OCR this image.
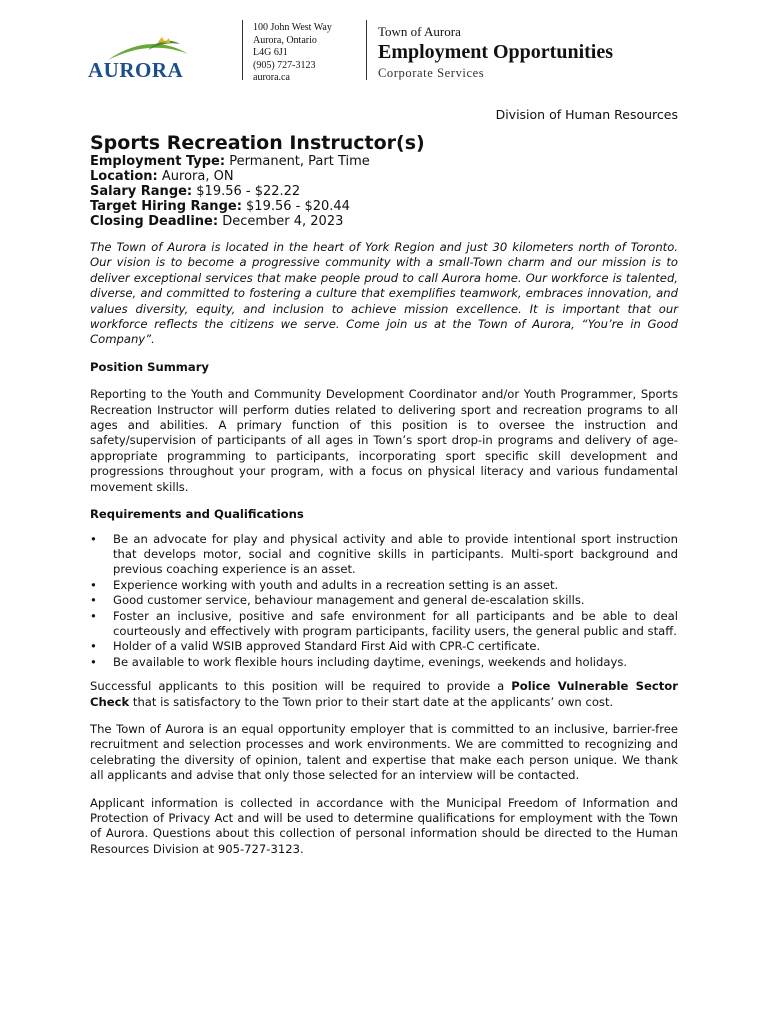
AURORA
100 John West Way
Aurora, Ontario
L4G 6J1
(905) 727-3123
aurora.ca
Town of Aurora
Employment Opportunities
Corporate Services
Division of Human Resources
Sports Recreation Instructor(s)
Employment Type: Permanent, Part Time
Location: Aurora, ON
Salary Range: $19.56 - $22.22
Target Hiring Range: $19.56 - $20.44
Closing Deadline: December 4, 2023

The Town of Aurora is located in the heart of York Region and just 30 kilometers north of Toronto. Our vision is to become a progressive community with a small-Town charm and our mission is to deliver exceptional services that make people proud to call Aurora home. Our workforce is talented, diverse, and committed to fostering a culture that exemplifies teamwork, embraces innovation, and values diversity, equity, and inclusion to achieve mission excellence. It is important that our workforce reflects the citizens we serve. Come join us at the Town of Aurora, “You’re in Good Company”.

Position Summary

Reporting to the Youth and Community Development Coordinator and/or Youth Programmer, Sports Recreation Instructor will perform duties related to delivering sport and recreation programs to all ages and abilities. A primary function of this position is to oversee the instruction and safety/supervision of participants of all ages in Town’s sport drop-in programs and delivery of age-appropriate programming to participants, incorporating sport specific skill development and progressions throughout your program, with a focus on physical literacy and various fundamental movement skills.

Requirements and Qualifications
• Be an advocate for play and physical activity and able to provide intentional sport instruction that develops motor, social and cognitive skills in participants. Multi-sport background and previous coaching experience is an asset.
• Experience working with youth and adults in a recreation setting is an asset.
• Good customer service, behaviour management and general de-escalation skills.
• Foster an inclusive, positive and safe environment for all participants and be able to deal courteously and effectively with program participants, facility users, the general public and staff.
• Holder of a valid WSIB approved Standard First Aid with CPR-C certificate.
• Be available to work flexible hours including daytime, evenings, weekends and holidays.

Successful applicants to this position will be required to provide a Police Vulnerable Sector Check that is satisfactory to the Town prior to their start date at the applicants’ own cost.

The Town of Aurora is an equal opportunity employer that is committed to an inclusive, barrier-free recruitment and selection processes and work environments. We are committed to recognizing and celebrating the diversity of opinion, talent and expertise that make each person unique. We thank all applicants and advise that only those selected for an interview will be contacted.

Applicant information is collected in accordance with the Municipal Freedom of Information and Protection of Privacy Act and will be used to determine qualifications for employment with the Town of Aurora. Questions about this collection of personal information should be directed to the Human Resources Division at 905-727-3123.
